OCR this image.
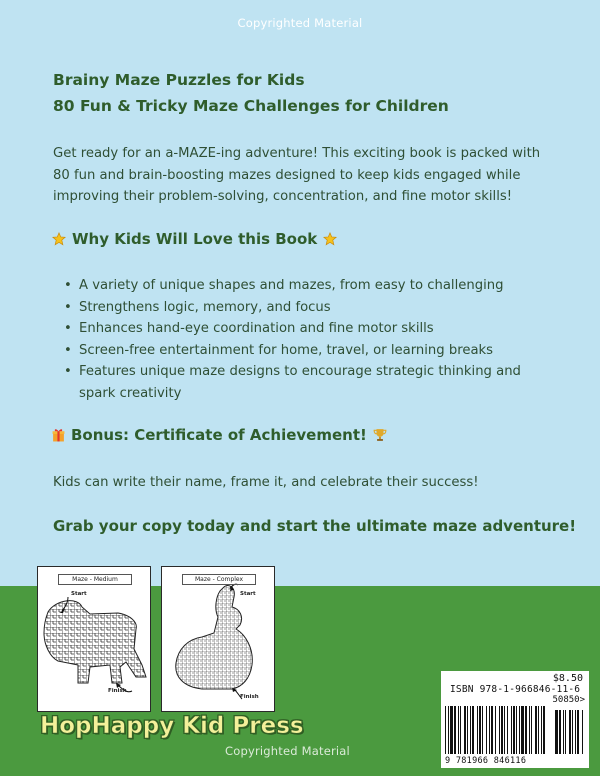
Copyrighted Material
Brainy Maze Puzzles for Kids
80 Fun & Tricky Maze Challenges for Children
Get ready for an a-MAZE-ing adventure! This exciting book is packed with 80 fun and brain-boosting mazes designed to keep kids engaged while improving their problem-solving, concentration, and fine motor skills!
Why Kids Will Love this Book
• A variety of unique shapes and mazes, from easy to challenging
• Strengthens logic, memory, and focus
• Enhances hand-eye coordination and fine motor skills
• Screen-free entertainment for home, travel, or learning breaks
• Features unique maze designs to encourage strategic thinking and spark creativity
Bonus: Certificate of Achievement!
Kids can write their name, frame it, and celebrate their success!
Grab your copy today and start the ultimate maze adventure!
Maze - Medium
Start
Finish
Maze - Complex
Start
Finish
HopHappy Kid Press
Copyrighted Material
$8.50
ISBN 978-1-966846-11-6
50850>
9 781966 846116
